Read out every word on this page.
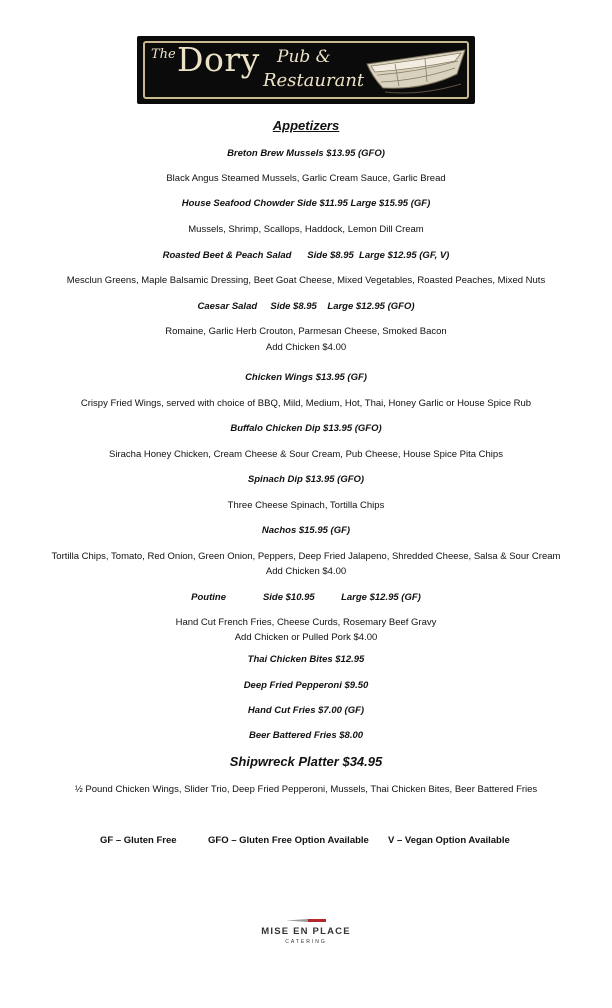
The Dory Pub &
Restaurant
Appetizers
Breton Brew Mussels $13.95 (GFO)
Black Angus Steamed Mussels, Garlic Cream Sauce, Garlic Bread
House Seafood Chowder Side $11.95 Large $15.95 (GF)
Mussels, Shrimp, Scallops, Haddock, Lemon Dill Cream
Roasted Beet & Peach Salad      Side $8.95  Large $12.95 (GF, V)
Mesclun Greens, Maple Balsamic Dressing, Beet Goat Cheese, Mixed Vegetables, Roasted Peaches, Mixed Nuts
Caesar Salad     Side $8.95    Large $12.95 (GFO)
Romaine, Garlic Herb Crouton, Parmesan Cheese, Smoked Bacon
Add Chicken $4.00
Chicken Wings $13.95 (GF)
Crispy Fried Wings, served with choice of BBQ, Mild, Medium, Hot, Thai, Honey Garlic or House Spice Rub
Buffalo Chicken Dip $13.95 (GFO)
Siracha Honey Chicken, Cream Cheese & Sour Cream, Pub Cheese, House Spice Pita Chips
Spinach Dip $13.95 (GFO)
Three Cheese Spinach, Tortilla Chips
Nachos $15.95 (GF)
Tortilla Chips, Tomato, Red Onion, Green Onion, Peppers, Deep Fried Jalapeno, Shredded Cheese, Salsa & Sour Cream
Add Chicken $4.00
Poutine              Side $10.95          Large $12.95 (GF)
Hand Cut French Fries, Cheese Curds, Rosemary Beef Gravy
Add Chicken or Pulled Pork $4.00
Thai Chicken Bites $12.95
Deep Fried Pepperoni $9.50
Hand Cut Fries $7.00 (GF)
Beer Battered Fries $8.00
Shipwreck Platter $34.95
½ Pound Chicken Wings, Slider Trio, Deep Fried Pepperoni, Mussels, Thai Chicken Bites, Beer Battered Fries
GF – Gluten Free	GFO – Gluten Free Option Available V – Vegan Option Available
MISE EN PLACE
CATERING
